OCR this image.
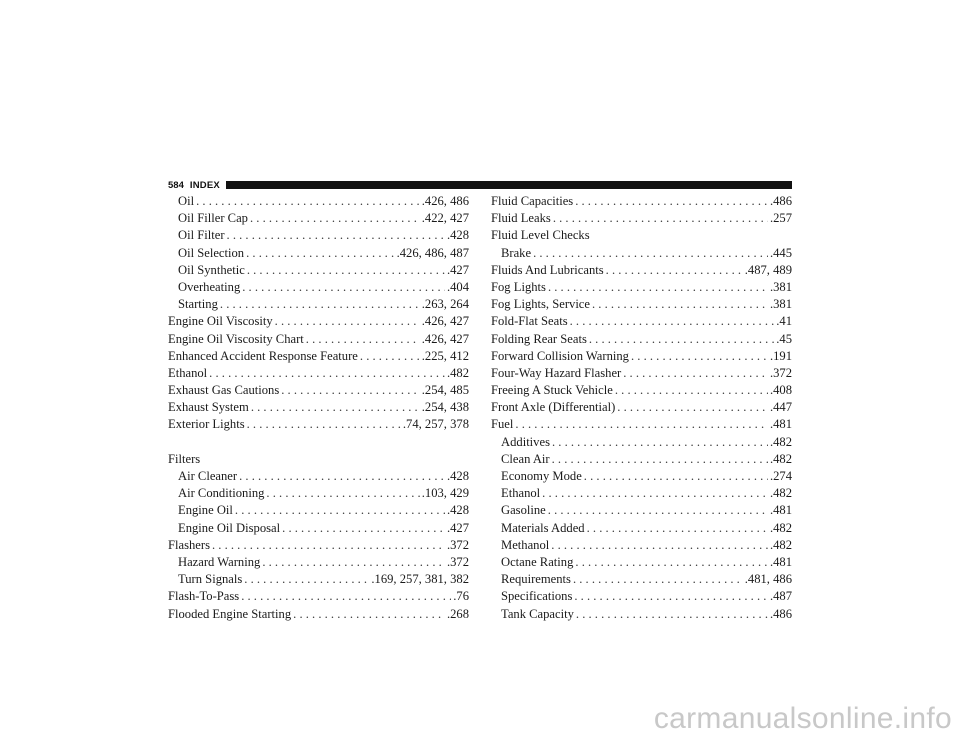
584 INDEX
Oil . . .	.426, 486
Oil Filler Cap . . .	.422, 427
Oil Filter . . .	.428
Oil Selection . . .	.426, 486, 487
Oil Synthetic . . .	.427
Overheating . . .	.404
Starting . . .	.263, 264
Engine Oil Viscosity . . .	.426, 427
Engine Oil Viscosity Chart . . .	.426, 427
Enhanced Accident Response Feature . . .	.225, 412
Ethanol . . .	.482
Exhaust Gas Cautions . . .	.254, 485
Exhaust System . . .	.254, 438
Exterior Lights . . .	.74, 257, 378
Filters
Air Cleaner . . .	.428
Air Conditioning . . .	.103, 429
Engine Oil . . .	.428
Engine Oil Disposal . . .	.427
Flashers . . .	.372
Hazard Warning . . .	.372
Turn Signals . . .	.169, 257, 381, 382
Flash-To-Pass . . .	.76
Flooded Engine Starting . . .	.268
Fluid Capacities . . .	.486
Fluid Leaks . . .	.257
Fluid Level Checks
Brake . . .	.445
Fluids And Lubricants . . .	.487, 489
Fog Lights . . .	.381
Fog Lights, Service . . .	.381
Fold-Flat Seats . . .	.41
Folding Rear Seats . . .	.45
Forward Collision Warning . . .	.191
Four-Way Hazard Flasher . . .	.372
Freeing A Stuck Vehicle . . .	.408
Front Axle (Differential) . . .	.447
Fuel . . .	.481
Additives . . .	.482
Clean Air . . .	.482
Economy Mode . . .	.274
Ethanol . . .	.482
Gasoline . . .	.481
Materials Added . . .	.482
Methanol . . .	.482
Octane Rating . . .	.481
Requirements . . .	.481, 486
Specifications . . .	.487
Tank Capacity . . .	.486
carmanualsonline.info
